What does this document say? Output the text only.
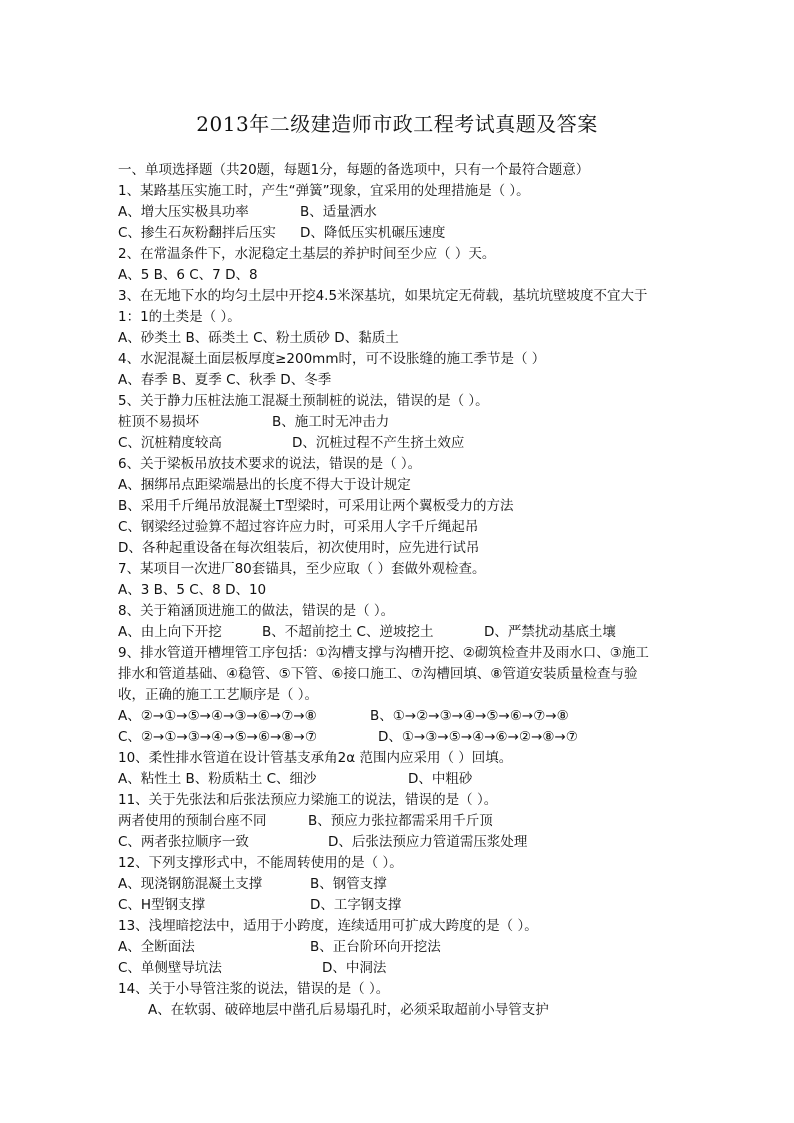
2013年二级建造师市政工程考试真题及答案
一、单项选择题（共20题，每题1分，每题的备选项中，只有一个最符合题意）
1、某路基压实施工时，产生“弹簧”现象，宜采用的处理措施是（ ）。
A、增大压实极具功率	B、适量洒水
C、掺生石灰粉翻拌后压实 D、降低压实机碾压速度
2、在常温条件下，水泥稳定土基层的养护时间至少应（ ）天。
A、5 B、6 C、7 D、8
3、在无地下水的均匀土层中开挖4.5米深基坑，如果坑定无荷载，基坑坑壁坡度不宜大于
1：1的土类是（ ）。
A、砂类土 B、砾类土 C、粉土质砂 D、黏质土
4、水泥混凝土面层板厚度≥200mm时，可不设胀缝的施工季节是（ ）
A、春季 B、夏季 C、秋季 D、冬季
5、关于静力压桩法施工混凝土预制桩的说法，错误的是（ ）。
桩顶不易损坏	B、施工时无冲击力
C、沉桩精度较高	D、沉桩过程不产生挤土效应
6、关于梁板吊放技术要求的说法，错误的是（ ）。
A、捆绑吊点距梁端悬出的长度不得大于设计规定
B、采用千斤绳吊放混凝土T型梁时，可采用让两个翼板受力的方法
C、钢梁经过验算不超过容许应力时，可采用人字千斤绳起吊
D、各种起重设备在每次组装后，初次使用时，应先进行试吊
7、某项目一次进厂80套锚具，至少应取（ ）套做外观检查。
A、3 B、5 C、8 D、10
8、关于箱涵顶进施工的做法，错误的是（ ）。
A、由上向下开挖	B、不超前挖土 C、逆坡挖土	D、严禁扰动基底土壤
9、排水管道开槽埋管工序包括：①沟槽支撑与沟槽开挖、②砌筑检查井及雨水口、③施工
排水和管道基础、④稳管、⑤下管、⑥接口施工、⑦沟槽回填、⑧管道安装质量检查与验
收，正确的施工工艺顺序是（ ）。
A、②→①→⑤→④→③→⑥→⑦→⑧	B、①→②→③→④→⑤→⑥→⑦→⑧
C、②→①→③→④→⑤→⑥→⑧→⑦	D、①→③→⑤→④→⑥→②→⑧→⑦
10、柔性排水管道在设计管基支承角2α 范围内应采用（ ）回填。
A、粘性土 B、粉质粘土 C、细沙	D、中粗砂
11、关于先张法和后张法预应力梁施工的说法，错误的是（ ）。
两者使用的预制台座不同	B、预应力张拉都需采用千斤顶
C、两者张拉顺序一致	D、后张法预应力管道需压浆处理
12、下列支撑形式中，不能周转使用的是（ ）。
A、现浇钢筋混凝土支撑	B、钢管支撑
C、H型钢支撑	D、工字钢支撑
13、浅埋暗挖法中，适用于小跨度，连续适用可扩成大跨度的是（ ）。
A、全断面法	B、正台阶环向开挖法
C、单侧壁导坑法	D、中洞法
14、关于小导管注浆的说法，错误的是（ ）。
A、在软弱、破碎地层中凿孔后易塌孔时，必须采取超前小导管支护
